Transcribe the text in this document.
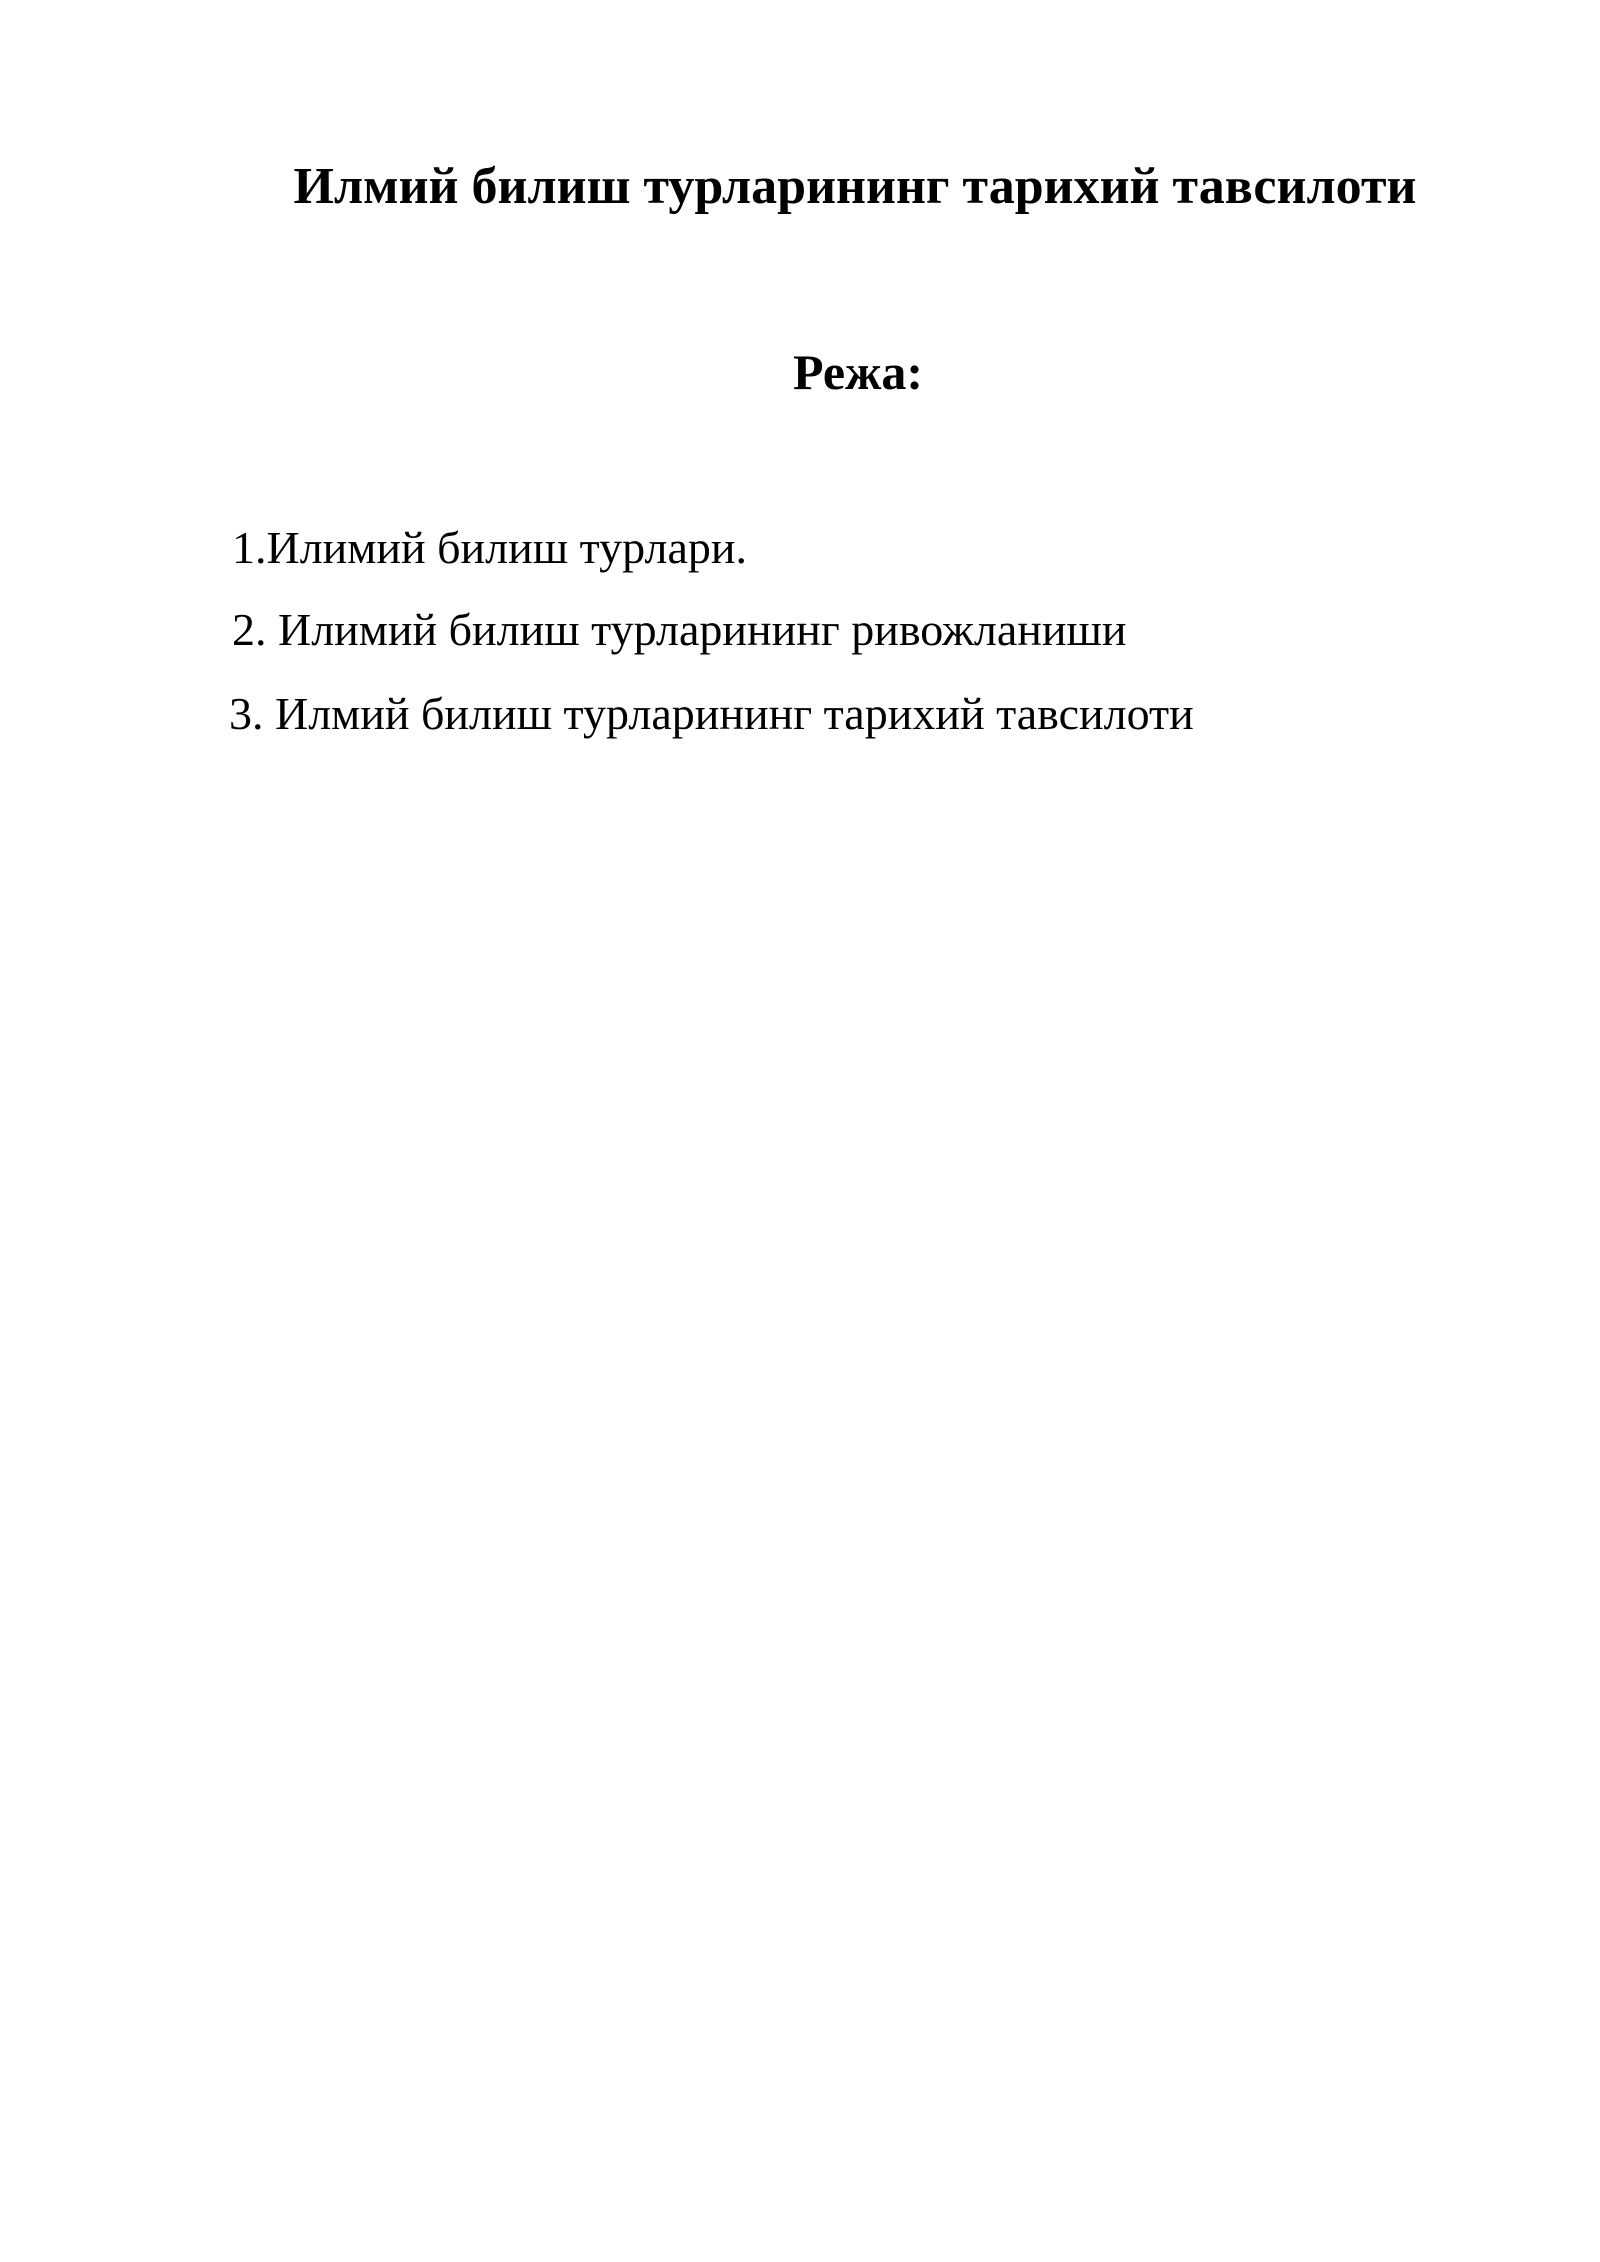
Илмий билиш турларининг тарихий тавсилоти
Режа:
1.Илимий билиш турлари.
2. Илимий билиш турларининг ривожланиши
3. Илмий билиш турларининг тарихий тавсилоти
